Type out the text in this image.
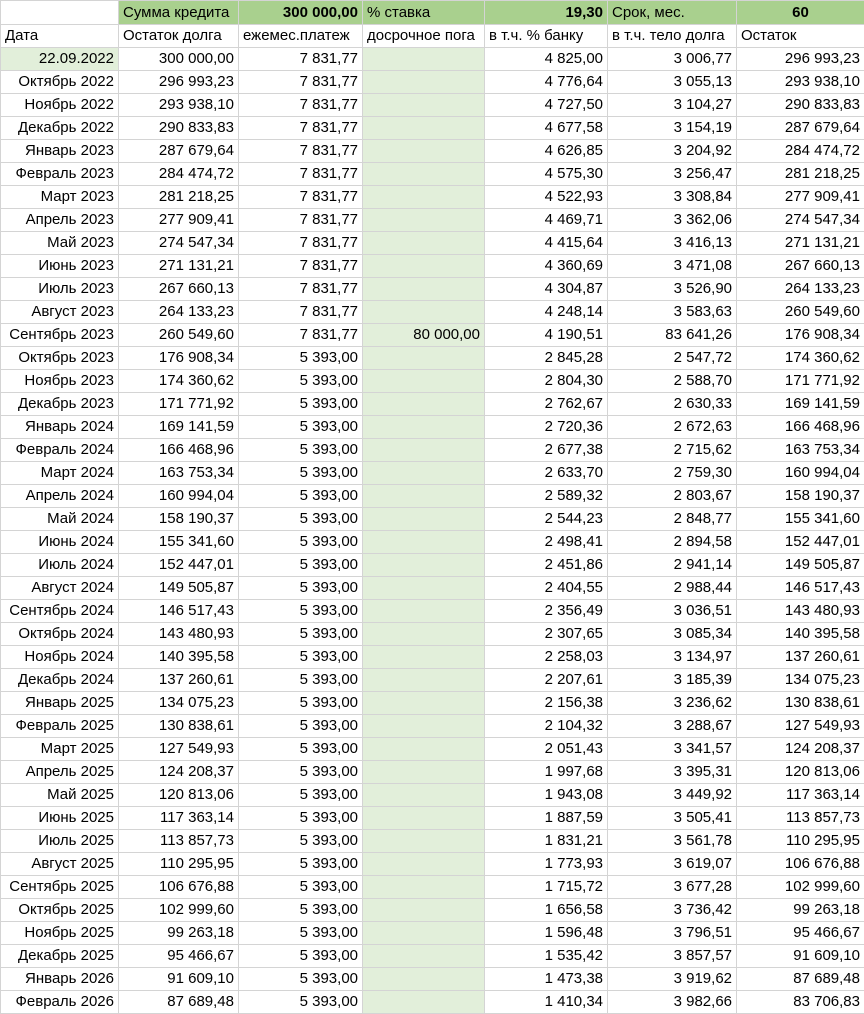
	Сумма кредита	300 000,00	% ставка	19,30	Срок, мес.	60
Дата	Остаток долга	ежемес.платеж	досрочное пога	в т.ч. % банку	в т.ч. тело долга	Остаток
22.09.2022	300 000,00	7 831,77		4 825,00	3 006,77	296 993,23
Октябрь 2022	296 993,23	7 831,77		4 776,64	3 055,13	293 938,10
Ноябрь 2022	293 938,10	7 831,77		4 727,50	3 104,27	290 833,83
Декабрь 2022	290 833,83	7 831,77		4 677,58	3 154,19	287 679,64
Январь 2023	287 679,64	7 831,77		4 626,85	3 204,92	284 474,72
Февраль 2023	284 474,72	7 831,77		4 575,30	3 256,47	281 218,25
Март 2023	281 218,25	7 831,77		4 522,93	3 308,84	277 909,41
Апрель 2023	277 909,41	7 831,77		4 469,71	3 362,06	274 547,34
Май 2023	274 547,34	7 831,77		4 415,64	3 416,13	271 131,21
Июнь 2023	271 131,21	7 831,77		4 360,69	3 471,08	267 660,13
Июль 2023	267 660,13	7 831,77		4 304,87	3 526,90	264 133,23
Август 2023	264 133,23	7 831,77		4 248,14	3 583,63	260 549,60
Сентябрь 2023	260 549,60	7 831,77	80 000,00	4 190,51	83 641,26	176 908,34
Октябрь 2023	176 908,34	5 393,00		2 845,28	2 547,72	174 360,62
Ноябрь 2023	174 360,62	5 393,00		2 804,30	2 588,70	171 771,92
Декабрь 2023	171 771,92	5 393,00		2 762,67	2 630,33	169 141,59
Январь 2024	169 141,59	5 393,00		2 720,36	2 672,63	166 468,96
Февраль 2024	166 468,96	5 393,00		2 677,38	2 715,62	163 753,34
Март 2024	163 753,34	5 393,00		2 633,70	2 759,30	160 994,04
Апрель 2024	160 994,04	5 393,00		2 589,32	2 803,67	158 190,37
Май 2024	158 190,37	5 393,00		2 544,23	2 848,77	155 341,60
Июнь 2024	155 341,60	5 393,00		2 498,41	2 894,58	152 447,01
Июль 2024	152 447,01	5 393,00		2 451,86	2 941,14	149 505,87
Август 2024	149 505,87	5 393,00		2 404,55	2 988,44	146 517,43
Сентябрь 2024	146 517,43	5 393,00		2 356,49	3 036,51	143 480,93
Октябрь 2024	143 480,93	5 393,00		2 307,65	3 085,34	140 395,58
Ноябрь 2024	140 395,58	5 393,00		2 258,03	3 134,97	137 260,61
Декабрь 2024	137 260,61	5 393,00		2 207,61	3 185,39	134 075,23
Январь 2025	134 075,23	5 393,00		2 156,38	3 236,62	130 838,61
Февраль 2025	130 838,61	5 393,00		2 104,32	3 288,67	127 549,93
Март 2025	127 549,93	5 393,00		2 051,43	3 341,57	124 208,37
Апрель 2025	124 208,37	5 393,00		1 997,68	3 395,31	120 813,06
Май 2025	120 813,06	5 393,00		1 943,08	3 449,92	117 363,14
Июнь 2025	117 363,14	5 393,00		1 887,59	3 505,41	113 857,73
Июль 2025	113 857,73	5 393,00		1 831,21	3 561,78	110 295,95
Август 2025	110 295,95	5 393,00		1 773,93	3 619,07	106 676,88
Сентябрь 2025	106 676,88	5 393,00		1 715,72	3 677,28	102 999,60
Октябрь 2025	102 999,60	5 393,00		1 656,58	3 736,42	99 263,18
Ноябрь 2025	99 263,18	5 393,00		1 596,48	3 796,51	95 466,67
Декабрь 2025	95 466,67	5 393,00		1 535,42	3 857,57	91 609,10
Январь 2026	91 609,10	5 393,00		1 473,38	3 919,62	87 689,48
Февраль 2026	87 689,48	5 393,00		1 410,34	3 982,66	83 706,83
